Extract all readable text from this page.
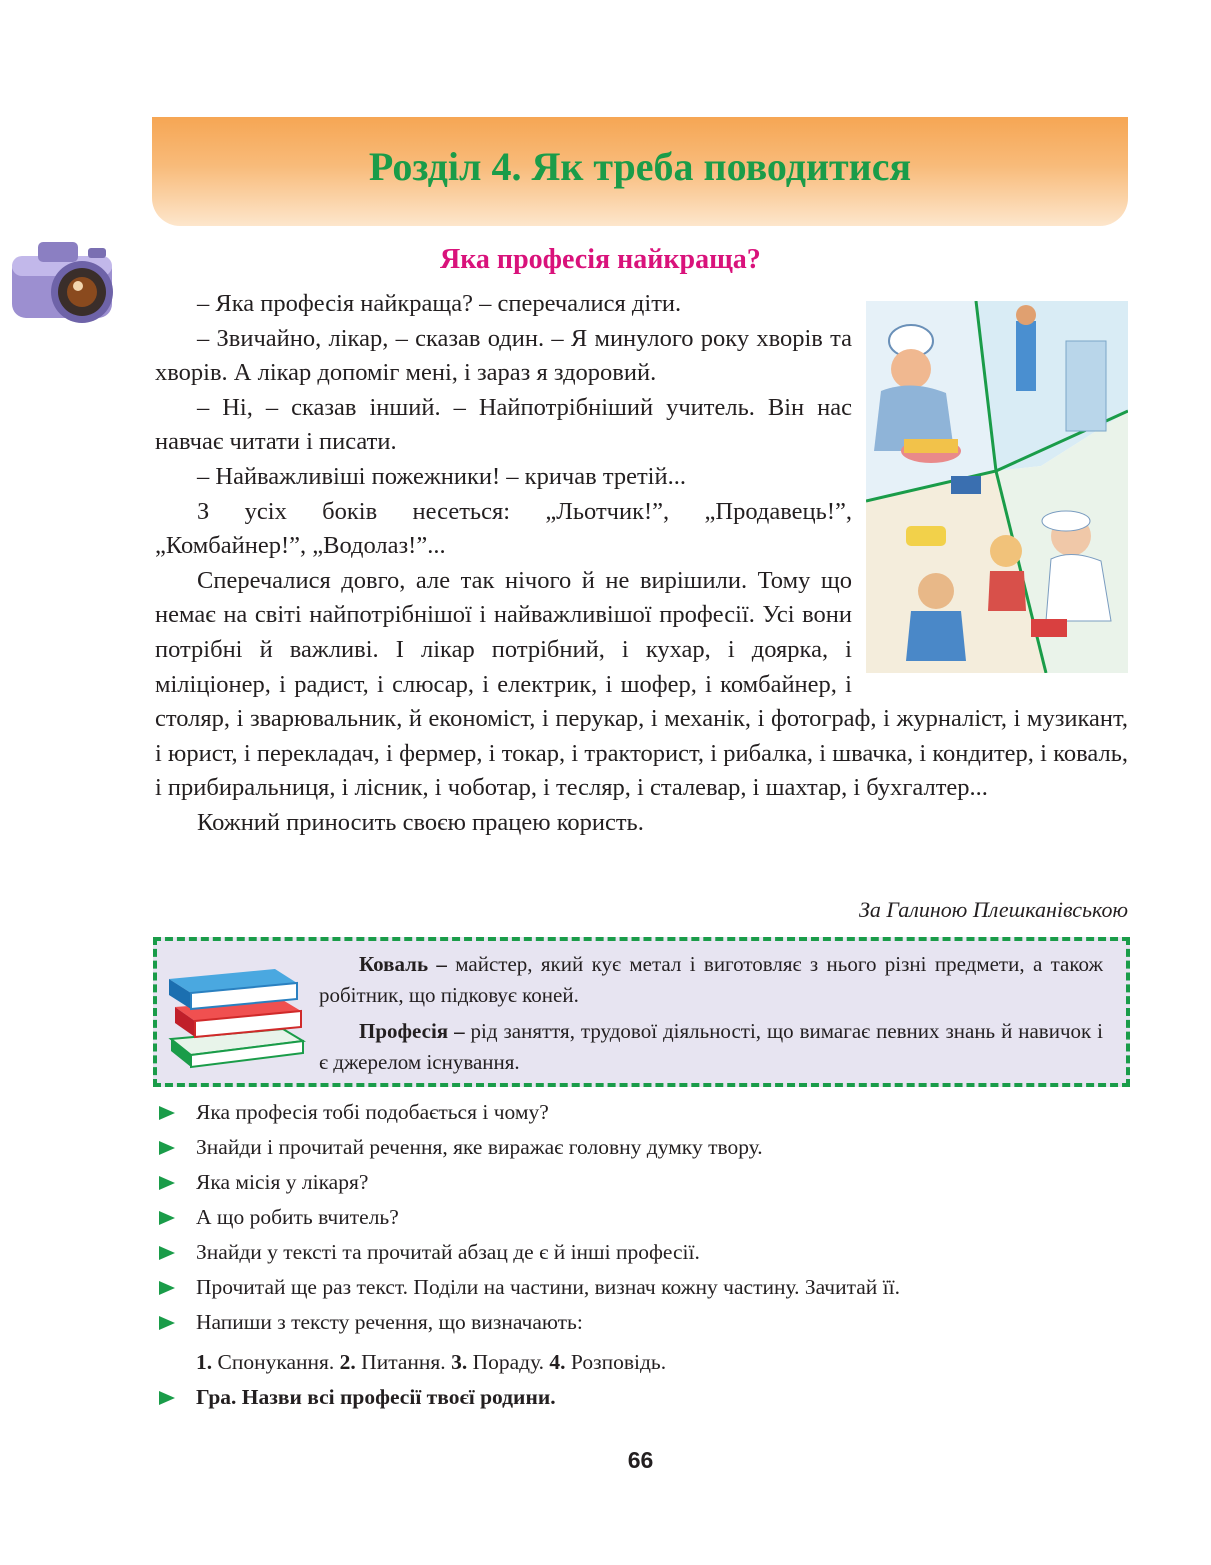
Розділ 4. Як треба поводитися
Яка професія найкраща?

– Яка професія найкраща? – сперечалися діти.

– Звичайно, лікар, – сказав один. – Я минулого року хворів та хворів. А лікар допоміг мені, і зараз я здоровий.

– Ні, – сказав інший. – Найпотрібніший учитель. Він нас навчає читати і писати.

– Найважливіші пожежники! – кричав третій...

З усіх боків несеться: „Льотчик!”, „Продавець!”, „Комбайнер!”, „Водолаз!”...

Сперечалися довго, але так нічого й не вирішили. Тому що немає на світі найпотрібнішої і найважливішої професії. Усі вони потрібні й важливі. І лікар потрібний, і кухар, і доярка, і міліціонер, і радист, і слюсар, і електрик, і шофер, і комбайнер, і столяр, і зварювальник, й економіст, і перукар, і механік, і фотограф, і журналіст, і музикант, і юрист, і перекладач, і фермер, і токар, і тракторист, і рибалка, і швачка, і кондитер, і коваль, і прибиральниця, і лісник, і чоботар, і тесляр, і сталевар, і шахтар, і бухгалтер...

Кожний приносить своєю працею користь.

За Галиною Плешканівською

Коваль – майстер, який кує метал і виготовляє з нього різні предмети, а також робітник, що підковує коней.

Професія – рід заняття, трудової діяльності, що вимагає певних знань й навичок і є джерелом існування.

Яка професія тобі подобається і чому?
Знайди і прочитай речення, яке виражає головну думку твору.
Яка місія у лікаря?
А що робить вчитель?
Знайди у тексті та прочитай абзац де є й інші професії.
Прочитай ще раз текст. Поділи на частини, визнач кожну частину. Зачитай її.
Напиши з тексту речення, що визначають:
1. Спонукання. 2. Питання. 3. Пораду. 4. Розповідь.
Гра. Назви всі професії твоєї родини.
66
